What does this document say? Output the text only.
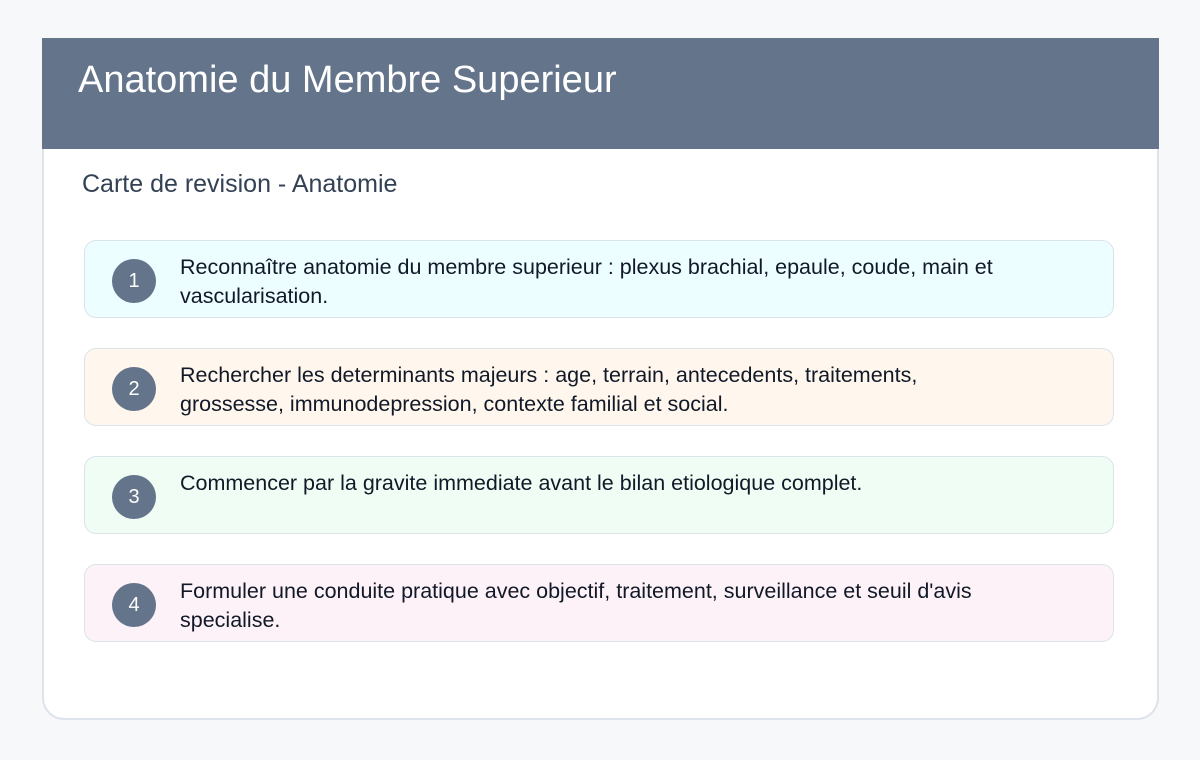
Anatomie du Membre Superieur
Carte de revision - Anatomie
1
Reconnaître anatomie du membre superieur : plexus brachial, epaule, coude, main et vascularisation.
2
Rechercher les determinants majeurs : age, terrain, antecedents, traitements, grossesse, immunodepression, contexte familial et social.
3
Commencer par la gravite immediate avant le bilan etiologique complet.
4
Formuler une conduite pratique avec objectif, traitement, surveillance et seuil d'avis specialise.
